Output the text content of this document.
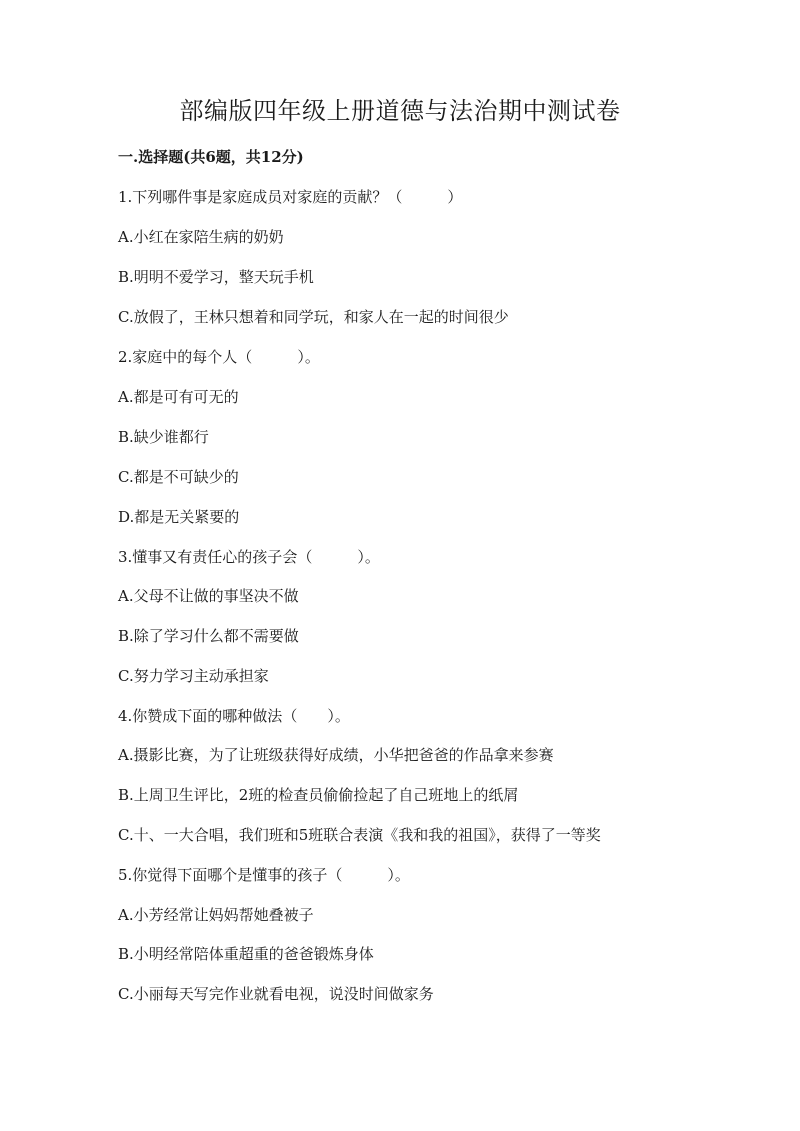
部编版四年级上册道德与法治期中测试卷
一.选择题(共6题，共12分)
1.下列哪件事是家庭成员对家庭的贡献？（　　　）
A.小红在家陪生病的奶奶
B.明明不爱学习，整天玩手机
C.放假了，王林只想着和同学玩，和家人在一起的时间很少
2.家庭中的每个人（　　　）。
A.都是可有可无的
B.缺少谁都行
C.都是不可缺少的
D.都是无关紧要的
3.懂事又有责任心的孩子会（　　　）。
A.父母不让做的事坚决不做
B.除了学习什么都不需要做
C.努力学习主动承担家
4.你赞成下面的哪种做法（　　）。
A.摄影比赛，为了让班级获得好成绩，小华把爸爸的作品拿来参赛
B.上周卫生评比，2班的检查员偷偷捡起了自己班地上的纸屑
C.十、一大合唱，我们班和5班联合表演《我和我的祖国》，获得了一等奖
5.你觉得下面哪个是懂事的孩子（　　　）。
A.小芳经常让妈妈帮她叠被子
B.小明经常陪体重超重的爸爸锻炼身体
C.小丽每天写完作业就看电视，说没时间做家务
